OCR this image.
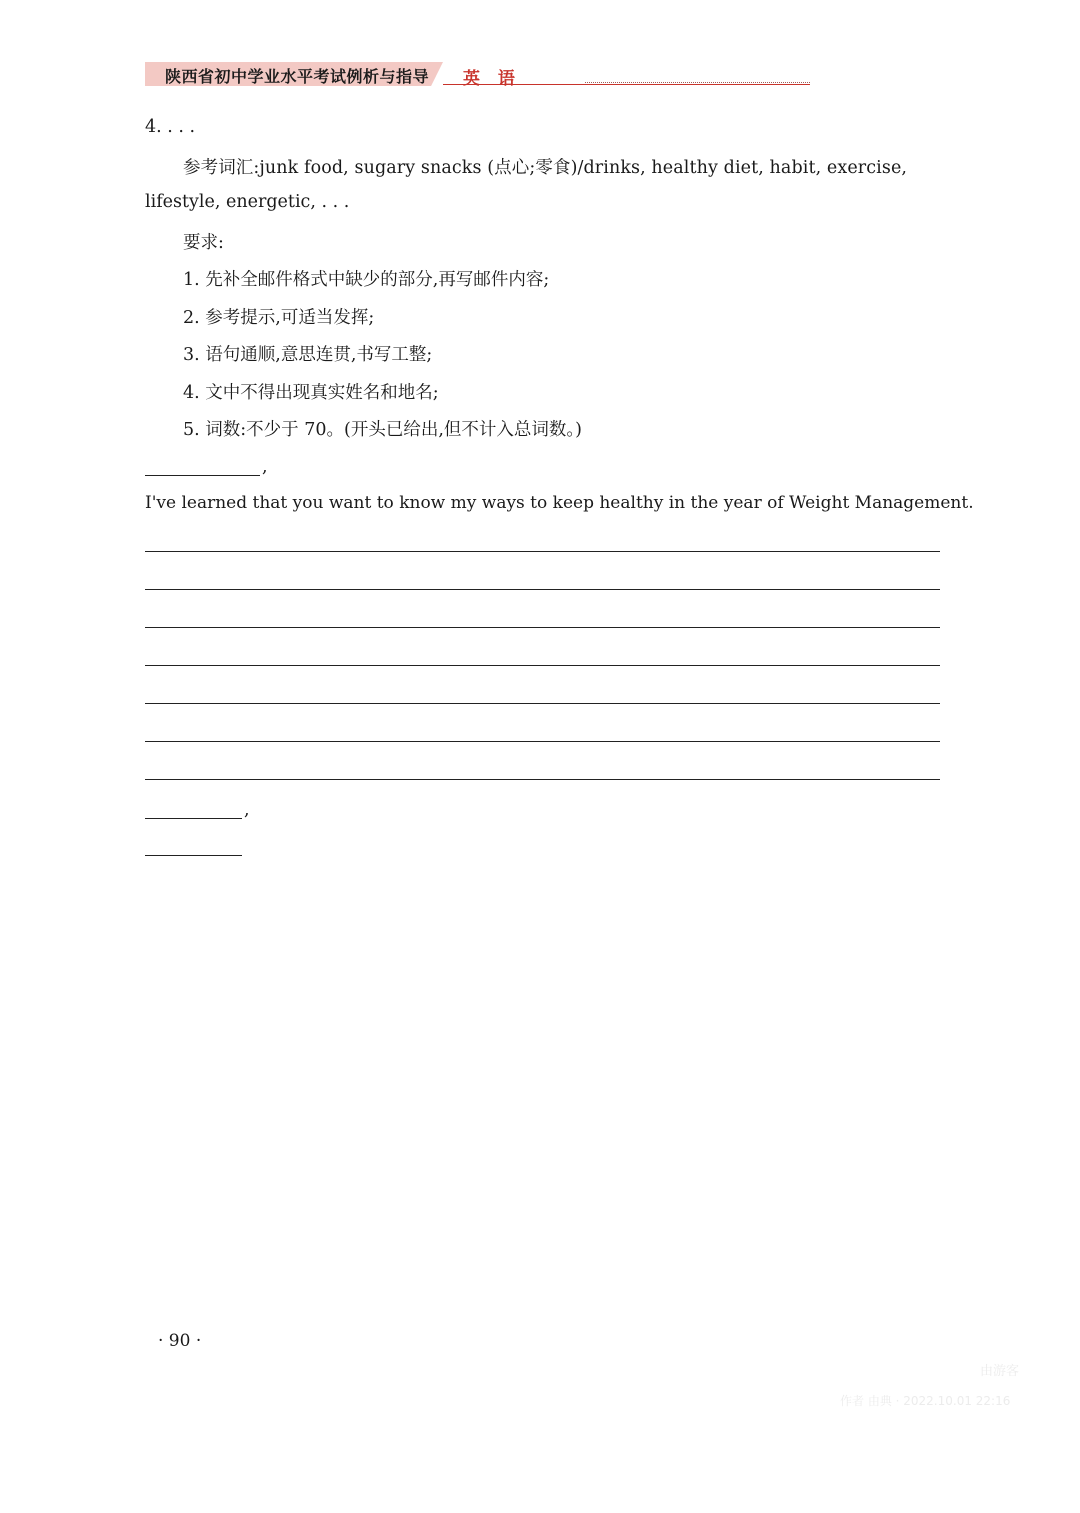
陕西省初中学业水平考试例析与指导 英 语
4. . . .
参考词汇:junk food, sugary snacks (点心;零食)/drinks, healthy diet, habit, exercise,
lifestyle, energetic, . . .
要求:
1. 先补全邮件格式中缺少的部分,再写邮件内容;
2. 参考提示,可适当发挥;
3. 语句通顺,意思连贯,书写工整;
4. 文中不得出现真实姓名和地名;
5. 词数:不少于 70。(开头已给出,但不计入总词数。)
,
I've learned that you want to know my ways to keep healthy in the year of Weight Management.
,
· 90 ·
由游客
作者 由典 · 2022.10.01 22:16
